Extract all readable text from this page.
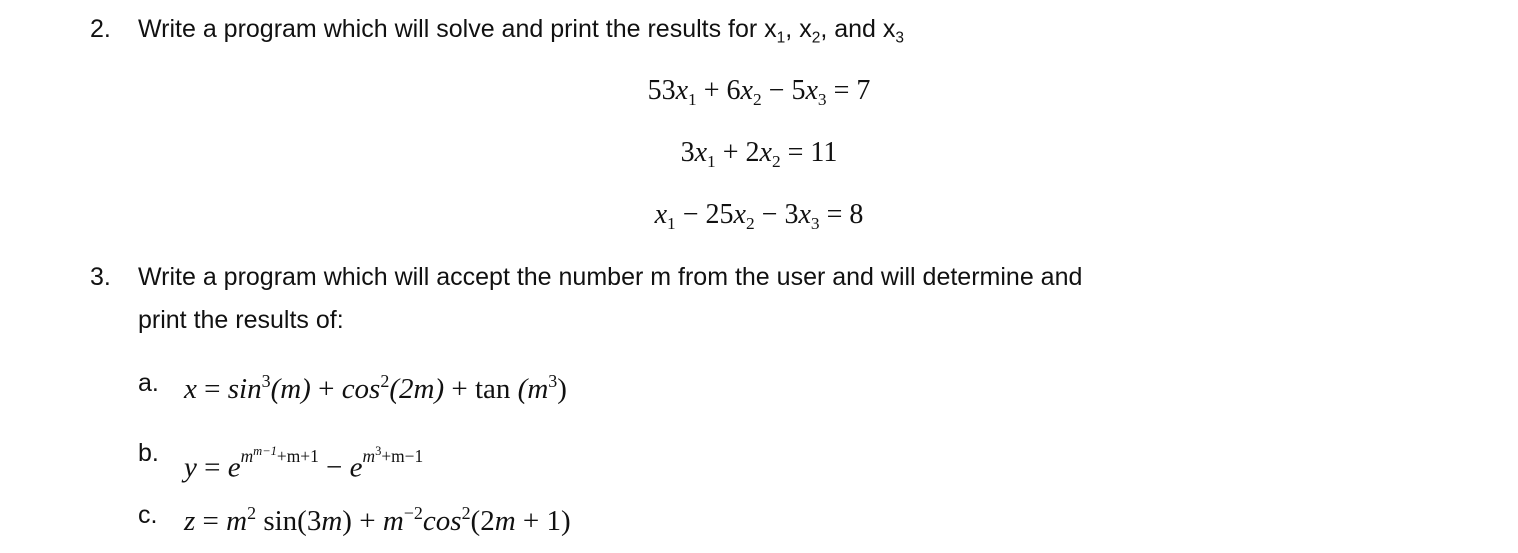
2. Write a program which will solve and print the results for $x_1$, $x_2$, and $x_3$
$53x_1 + 6x_2 - 5x_3 = 7$
$3x_1 + 2x_2 = 11$
$x_1 - 25x_2 - 3x_3 = 8$
3. Write a program which will accept the number m from the user and will determine and
print the results of:
a. $x = \sin^3(m) + \cos^2(2m) + \tan (m^3)$
b. $y = e^{m^{m-1}+m+1} - e^{m^3+m-1}$
c. $z = m^2$ $\sin(3m) + m^{-2}\cos^2(2m + 1)$
